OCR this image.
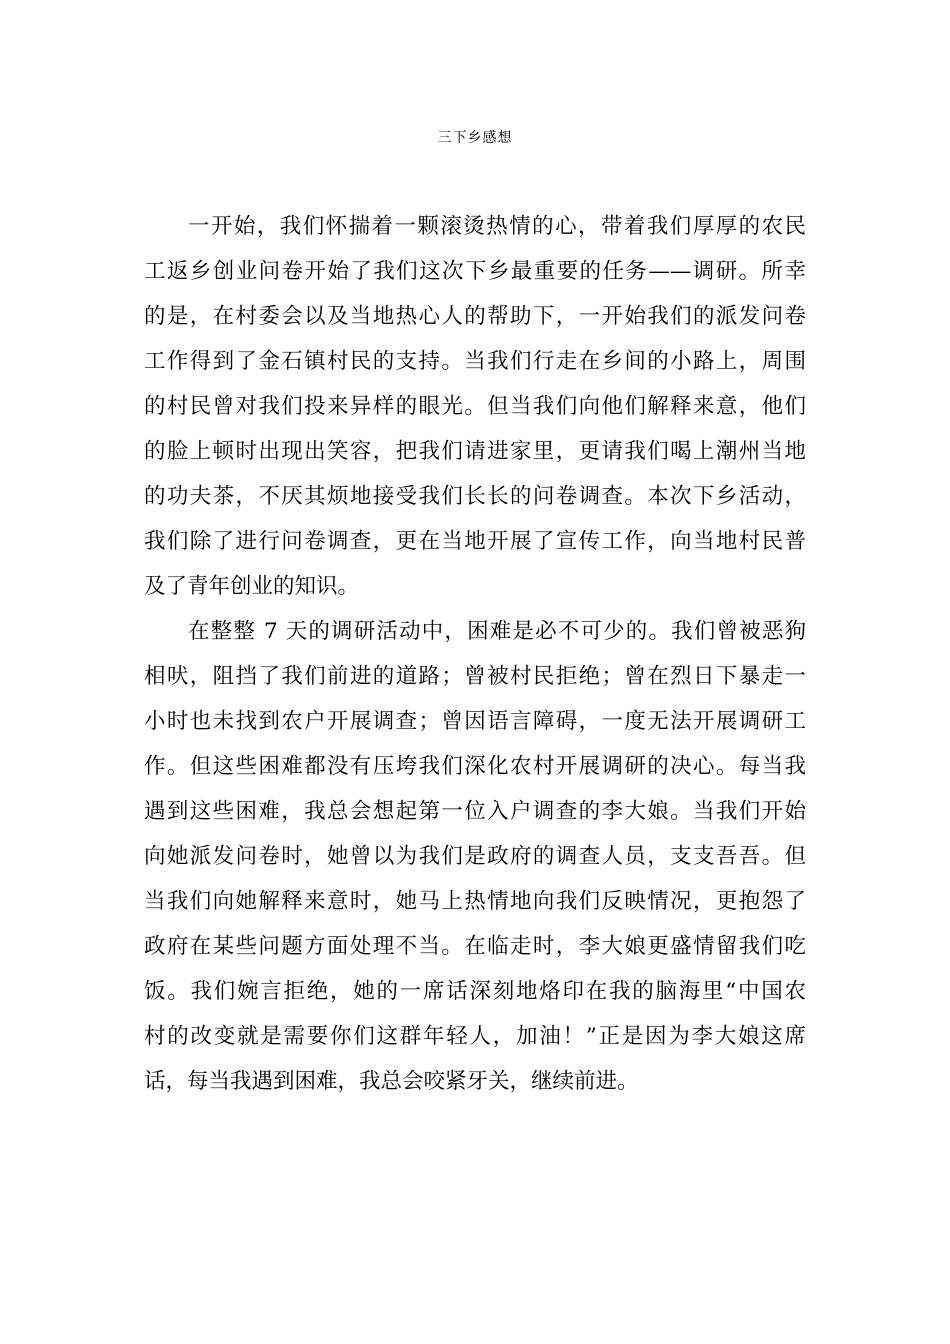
三下乡感想
一开始，我们怀揣着一颗滚烫热情的心，带着我们厚厚的农民
工返乡创业问卷开始了我们这次下乡最重要的任务——调研。所幸
的是，在村委会以及当地热心人的帮助下，一开始我们的派发问卷
工作得到了金石镇村民的支持。当我们行走在乡间的小路上，周围
的村民曾对我们投来异样的眼光。但当我们向他们解释来意，他们
的脸上顿时出现出笑容，把我们请进家里，更请我们喝上潮州当地
的功夫茶，不厌其烦地接受我们长长的问卷调查。本次下乡活动，
我们除了进行问卷调查，更在当地开展了宣传工作，向当地村民普
及了青年创业的知识。
在整整 7 天的调研活动中，困难是必不可少的。我们曾被恶狗
相吠，阻挡了我们前进的道路；曾被村民拒绝；曾在烈日下暴走一
小时也未找到农户开展调查；曾因语言障碍，一度无法开展调研工
作。但这些困难都没有压垮我们深化农村开展调研的决心。每当我
遇到这些困难，我总会想起第一位入户调查的李大娘。当我们开始
向她派发问卷时，她曾以为我们是政府的调查人员，支支吾吾。但
当我们向她解释来意时，她马上热情地向我们反映情况，更抱怨了
政府在某些问题方面处理不当。在临走时，李大娘更盛情留我们吃
饭。我们婉言拒绝，她的一席话深刻地烙印在我的脑海里“中国农
村的改变就是需要你们这群年轻人，加油！”正是因为李大娘这席
话，每当我遇到困难，我总会咬紧牙关，继续前进。
